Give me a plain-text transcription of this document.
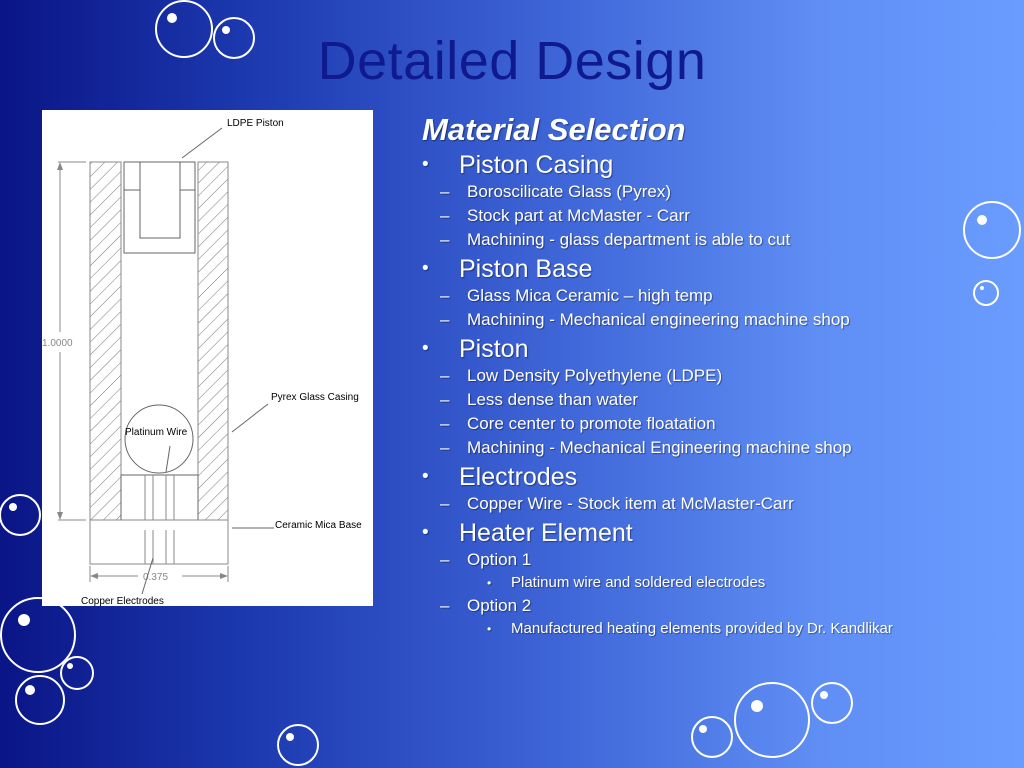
Detailed Design
1.0000
0.375
LDPE Piston
Pyrex Glass Casing
Platinum Wire
Ceramic Mica Base
Copper Electrodes
Material Selection
• Piston Casing
– Boroscilicate Glass (Pyrex)
– Stock part at McMaster - Carr
– Machining - glass department is able to cut
• Piston Base
– Glass Mica Ceramic – high temp
– Machining - Mechanical engineering machine shop
• Piston
– Low Density Polyethylene (LDPE)
– Less dense than water
– Core center to promote floatation
– Machining - Mechanical Engineering machine shop
• Electrodes
– Copper Wire - Stock item at McMaster-Carr
• Heater Element
– Option 1
• Platinum wire and soldered electrodes
– Option 2
• Manufactured heating elements provided by Dr. Kandlikar
